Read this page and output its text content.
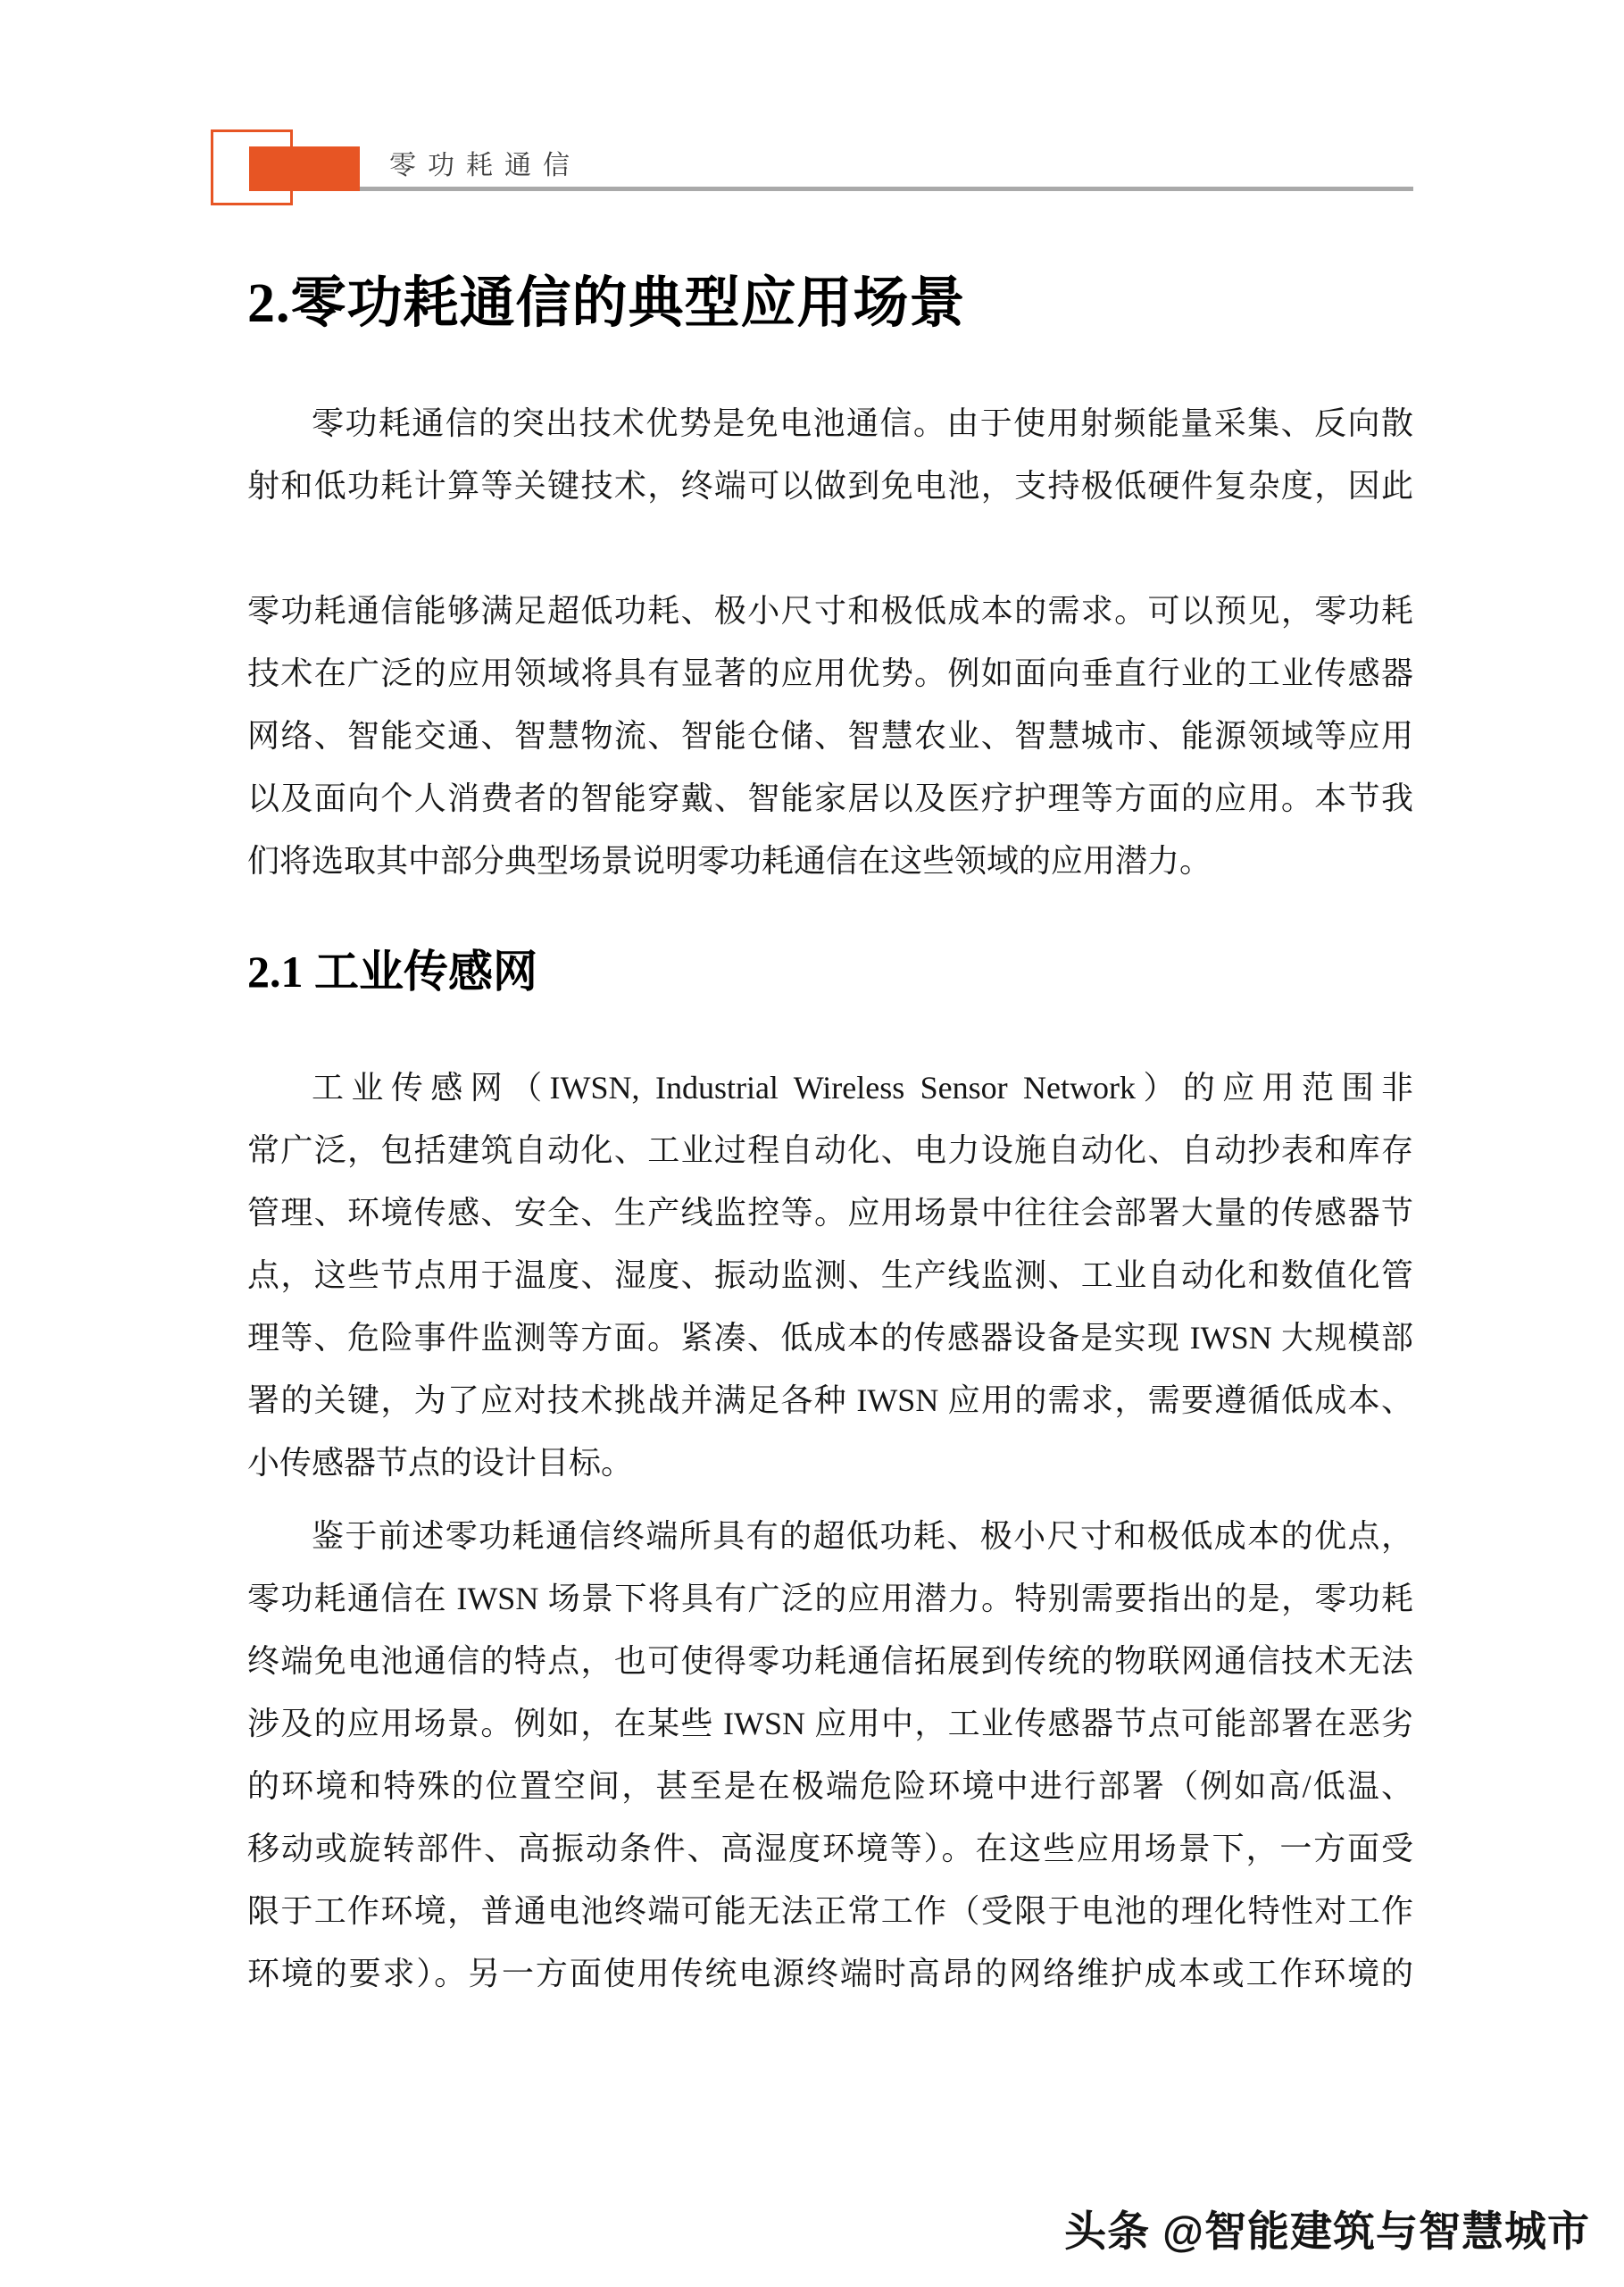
零功耗通信
2.零功耗通信的典型应用场景
零功耗通信的突出技术优势是免电池通信。由于使用射频能量采集、反向散
射和低功耗计算等关键技术，终端可以做到免电池，支持极低硬件复杂度，因此
零功耗通信能够满足超低功耗、极小尺寸和极低成本的需求。可以预见，零功耗
技术在广泛的应用领域将具有显著的应用优势。例如面向垂直行业的工业传感器
网络、智能交通、智慧物流、智能仓储、智慧农业、智慧城市、能源领域等应用
以及面向个人消费者的智能穿戴、智能家居以及医疗护理等方面的应用。本节我
们将选取其中部分典型场景说明零功耗通信在这些领域的应用潜力。
2.1 工业传感网
工业传感网（IWSN, Industrial Wireless Sensor Network）的应用范围非
常广泛，包括建筑自动化、工业过程自动化、电力设施自动化、自动抄表和库存
管理、环境传感、安全、生产线监控等。应用场景中往往会部署大量的传感器节
点，这些节点用于温度、湿度、振动监测、生产线监测、工业自动化和数值化管
理等、危险事件监测等方面。紧凑、低成本的传感器设备是实现 IWSN 大规模部
署的关键，为了应对技术挑战并满足各种 IWSN 应用的需求，需要遵循低成本、
小传感器节点的设计目标。
鉴于前述零功耗通信终端所具有的超低功耗、极小尺寸和极低成本的优点，
零功耗通信在 IWSN 场景下将具有广泛的应用潜力。特别需要指出的是，零功耗
终端免电池通信的特点，也可使得零功耗通信拓展到传统的物联网通信技术无法
涉及的应用场景。例如，在某些 IWSN 应用中，工业传感器节点可能部署在恶劣
的环境和特殊的位置空间，甚至是在极端危险环境中进行部署（例如高/低温、
移动或旋转部件、高振动条件、高湿度环境等）。在这些应用场景下，一方面受
限于工作环境，普通电池终端可能无法正常工作（受限于电池的理化特性对工作
环境的要求）。另一方面使用传统电源终端时高昂的网络维护成本或工作环境的
头条 @智能建筑与智慧城市
